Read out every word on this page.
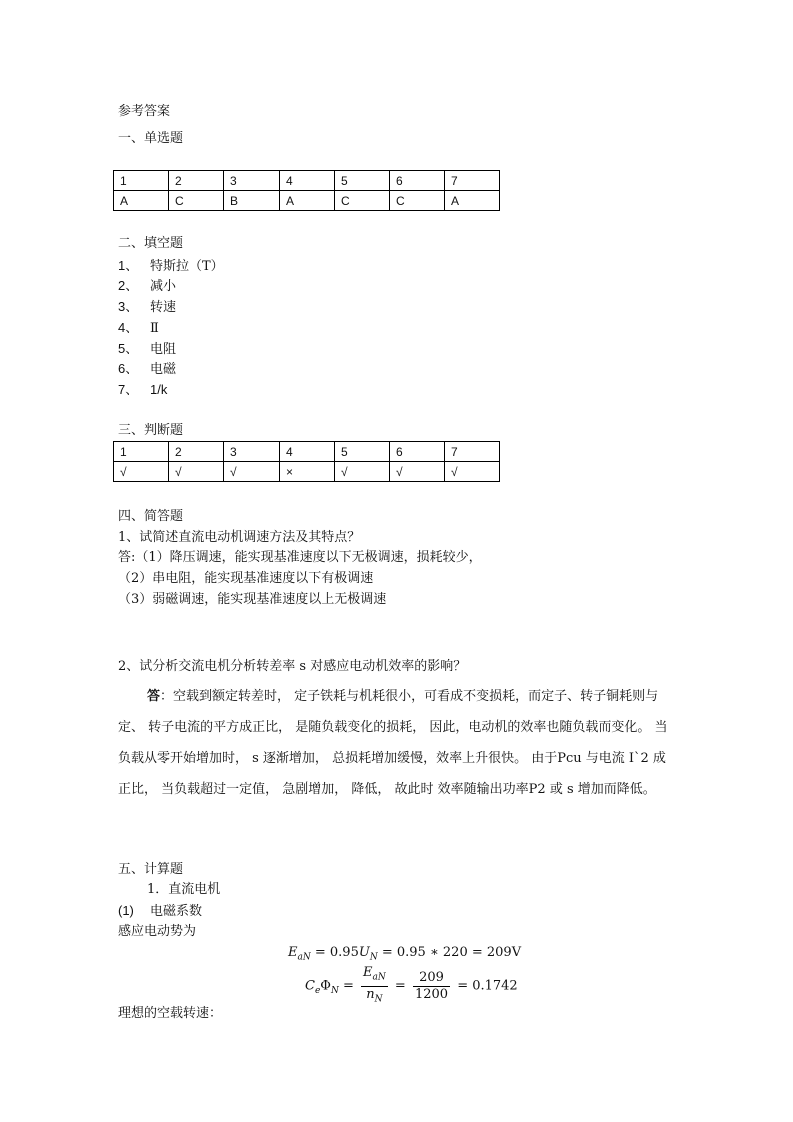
参考答案
一、单选题
1	2	3	4	5	6	7
A	C	B	A	C	C	A
二、填空题
1、 特斯拉（T）
2、 减小
3、 转速
4、 Ⅱ
5、 电阻
6、 电磁
7、 1/k
三、判断题
1	2	3	4	5	6	7
√	√	√	×	√	√	√
四、简答题
1、试简述直流电动机调速方法及其特点？
答:（1）降压调速，能实现基准速度以下无极调速，损耗较少，
（2）串电阻，能实现基准速度以下有极调速
（3）弱磁调速，能实现基准速度以上无极调速
2、试分析交流电机分析转差率 s 对感应电动机效率的影响？
答：空载到额定转差时， 定子铁耗与机耗很小，可看成不变损耗，而定子、转子铜耗则与定、 转子电流的平方成正比， 是随负载变化的损耗， 因此，电动机的效率也随负载而变化。 当负载从零开始增加时， s 逐渐增加， 总损耗增加缓慢，效率上升很快。 由于Pcu 与电流 I`2 成正比， 当负载超过一定值， 急剧增加， 降低， 故此时 效率随输出功率P2 或 s 增加而降低。
五、计算题
1．直流电机
(1) 电磁系数
感应电动势为
$E_{aN} = 0.95U_N = 0.95$ ∗ 220 = 209V
$C_e\Phi_N = \frac{E_{aN}}{n_N} = \frac{209}{1200} = 0.1742$
理想的空载转速：
